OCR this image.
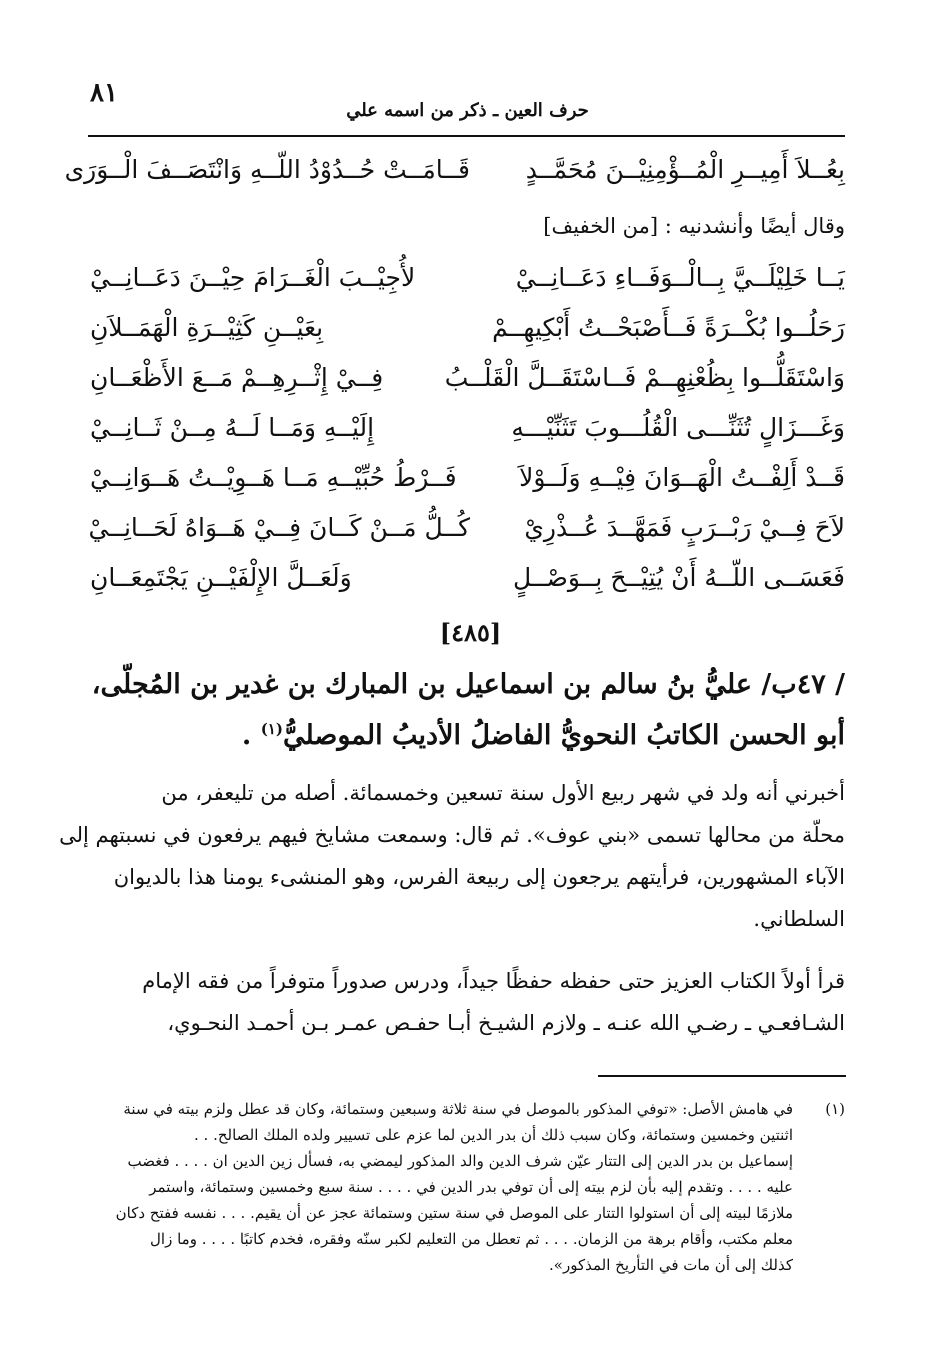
٨١
حرف العين ـ ذكر من اسمه علي
بِعُــلاَ أَمِيــرِ الْمُــؤْمِنِيْــنَ مُحَمَّــدٍ
قَــامَــتْ حُــدُوْدُ اللّــهِ وَانْتَصَــفَ الْــوَرَى
وقال أيضًا وأنشدنيه : [من الخفيف]
يَــا خَلِيْلَــيَّ بِــالْــوَفَــاءِ دَعَــانِــيْ
لأُجِيْــبَ الْغَــرَامَ حِيْــنَ دَعَــانِــيْ
رَحَلُــوا بُكْــرَةً فَــأَصْبَحْــتُ أَبْكِيهِــمْ
بِعَيْــنِ كَثِيْــرَةِ الْهَمَــلاَنِ
وَاسْتَقَلُّــوا بِظُعْنِهِــمْ فَــاسْتَقَــلَّ الْقَلْــبُ
فِــيْ إِثْــرِهِــمْ مَــعَ الأَظْعَــانِ
وَغَـــزَالٍ تُثَنِّـــى الْقُلُـــوبَ تَثَنِّيْـــهِ
إِلَيْــهِ وَمَــا لَــهُ مِــنْ ثَــانِــيْ
قَــدْ أَلِفْــتُ الْهَــوَانَ فِيْــهِ وَلَــوْلاَ
فَــرْطُ حُبِّيْــهِ مَــا هَــوِيْــتُ هَــوَانِــيْ
لاَحَ فِــيْ رَبْــرَبٍ فَمَهَّــدَ عُــذْرِيْ
كُــلُّ مَــنْ كَــانَ فِــيْ هَــوَاهُ لَحَــانِــيْ
فَعَسَــى اللّــهُ أَنْ يُتِيْــحَ بِــوَصْــلٍ
وَلَعَــلَّ الإِلْفَيْــنِ يَجْتَمِعَــانِ
[٤٨٥]
/ ٤٧ب/ عليُّ بنُ سالم بن اسماعيل بن المبارك بن غدير بن المُجلّى،
أبو الحسن الكاتبُ النحويُّ الفاضلُ الأديبُ الموصليُّ$^{(١)}$ .
أخبرني أنه ولد في شهر ربيع الأول سنة تسعين وخمسمائة. أصله من تليعفر، من
محلّة من محالها تسمى «بني عوف». ثم قال: وسمعت مشايخ فيهم يرفعون في نسبتهم إلى
الآباء المشهورين، فرأيتهم يرجعون إلى ربيعة الفرس، وهو المنشىء يومنا هذا بالديوان
السلطاني.
قرأ أولاً الكتاب العزيز حتى حفظه حفظًا جيداً، ودرس صدوراً متوفراً من فقه الإمام
الشـافعـي ـ رضـي الله عنـه ـ ولازم الشيـخ أبـا حفـص عمـر بـن أحمـد النحـوي،
(١)
في هامش الأصل: «توفي المذكور بالموصل في سنة ثلاثة وسبعين وستمائة، وكان قد عطل ولزم بيته في سنة
اثنتين وخمسين وستمائة، وكان سبب ذلك أن بدر الدين لما عزم على تسيير ولده الملك الصالح. . .
إسماعيل بن بدر الدين إلى التتار عيّن شرف الدين والد المذكور ليمضي به، فسأل زين الدين ان . . . . فغضب
عليه . . . . وتقدم إليه بأن لزم بيته إلى أن توفي بدر الدين في . . . . سنة سبع وخمسين وستمائة، واستمر
ملازمًا لبيته إلى أن استولوا التتار على الموصل في سنة ستين وستمائة عجز عن أن يقيم. . . . نفسه ففتح دكان
معلم مكتب، وأقام برهة من الزمان. . . . ثم تعطل من التعليم لكبر سنّه وفقره، فخدم كاتبًا . . . . وما زال
كذلك إلى أن مات في التأريخ المذكور».
